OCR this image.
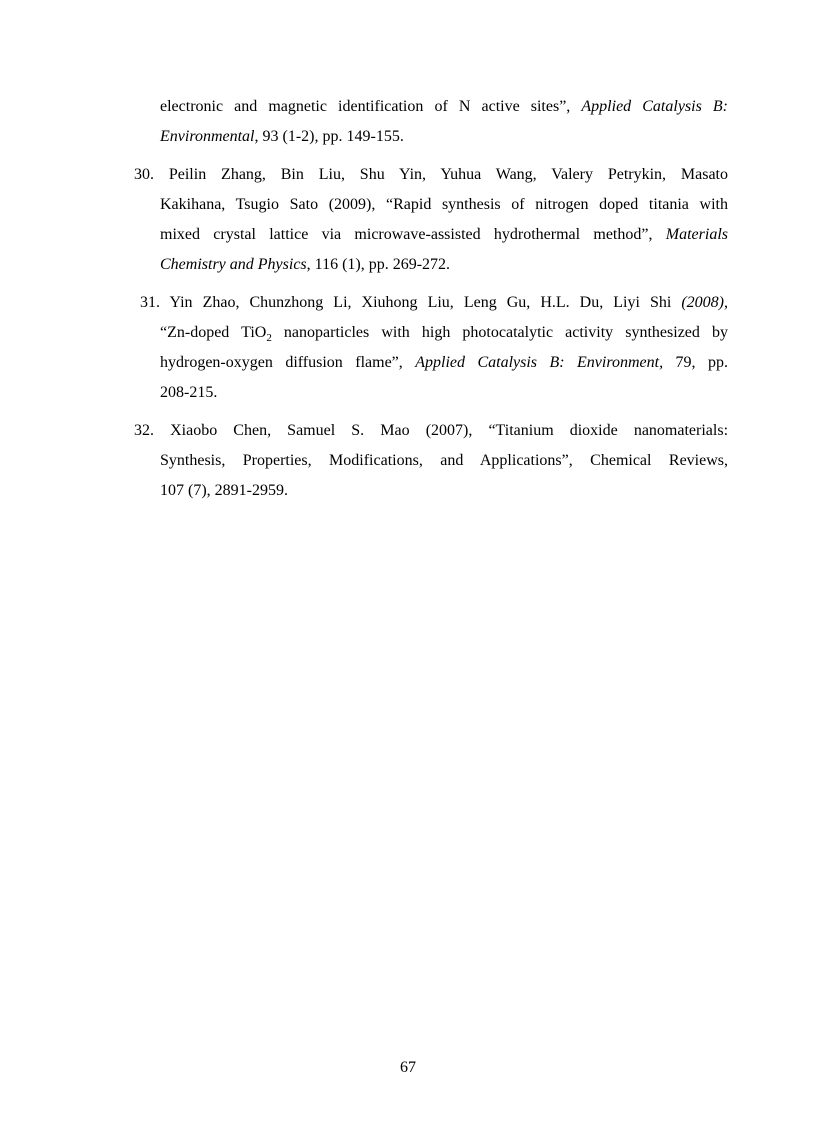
electronic and magnetic identification of N active sites”, Applied Catalysis B:
Environmental, 93 (1-2), pp. 149-155.
30. Peilin Zhang, Bin Liu, Shu Yin, Yuhua Wang, Valery Petrykin, Masato
Kakihana, Tsugio Sato (2009), “Rapid synthesis of nitrogen doped titania with
mixed crystal lattice via microwave-assisted hydrothermal method”, Materials
Chemistry and Physics, 116 (1), pp. 269-272.
31. Yin Zhao, Chunzhong Li, Xiuhong Liu, Leng Gu, H.L. Du, Liyi Shi (2008),
“Zn-doped TiO$_2$ nanoparticles with high photocatalytic activity synthesized by
hydrogen-oxygen diffusion flame”, Applied Catalysis B: Environment, 79, pp.
208-215.
32. Xiaobo Chen, Samuel S. Mao (2007), “Titanium dioxide nanomaterials:
Synthesis, Properties, Modifications, and Applications”, Chemical Reviews,
107 (7), 2891-2959.
67
